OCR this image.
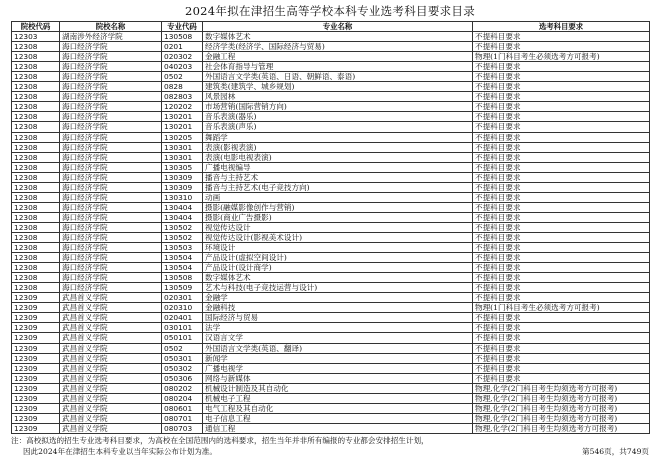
2024年拟在津招生高等学校本科专业选考科目要求目录
院校代码	院校名称	专业代码	专业名称	选考科目要求
12303	湖南涉外经济学院	130508	数字媒体艺术	不提科目要求
12308	海口经济学院	0201	经济学类(经济学、国际经济与贸易)	不提科目要求
12308	海口经济学院	020302	金融工程	物理(1门科目考生必须选考方可报考)
12308	海口经济学院	040203	社会体育指导与管理	不提科目要求
12308	海口经济学院	0502	外国语言文学类(英语、日语、朝鲜语、泰语)	不提科目要求
12308	海口经济学院	0828	建筑类(建筑学、城乡规划)	不提科目要求
12308	海口经济学院	082803	风景园林	不提科目要求
12308	海口经济学院	120202	市场营销(国际营销方向)	不提科目要求
12308	海口经济学院	130201	音乐表演(器乐)	不提科目要求
12308	海口经济学院	130201	音乐表演(声乐)	不提科目要求
12308	海口经济学院	130205	舞蹈学	不提科目要求
12308	海口经济学院	130301	表演(影视表演)	不提科目要求
12308	海口经济学院	130301	表演(电影电视表演)	不提科目要求
12308	海口经济学院	130305	广播电视编导	不提科目要求
12308	海口经济学院	130309	播音与主持艺术	不提科目要求
12308	海口经济学院	130309	播音与主持艺术(电子竞技方向)	不提科目要求
12308	海口经济学院	130310	动画	不提科目要求
12308	海口经济学院	130404	摄影(融媒影像创作与营销)	不提科目要求
12308	海口经济学院	130404	摄影(商业广告摄影)	不提科目要求
12308	海口经济学院	130502	视觉传达设计	不提科目要求
12308	海口经济学院	130502	视觉传达设计(影视美术设计)	不提科目要求
12308	海口经济学院	130503	环境设计	不提科目要求
12308	海口经济学院	130504	产品设计(虚拟空间设计)	不提科目要求
12308	海口经济学院	130504	产品设计(设计商学)	不提科目要求
12308	海口经济学院	130508	数字媒体艺术	不提科目要求
12308	海口经济学院	130509	艺术与科技(电子竞技运营与设计)	不提科目要求
12309	武昌首义学院	020301	金融学	不提科目要求
12309	武昌首义学院	020310	金融科技	物理(1门科目考生必须选考方可报考)
12309	武昌首义学院	020401	国际经济与贸易	不提科目要求
12309	武昌首义学院	030101	法学	不提科目要求
12309	武昌首义学院	050101	汉语言文学	不提科目要求
12309	武昌首义学院	0502	外国语言文学类(英语、翻译)	不提科目要求
12309	武昌首义学院	050301	新闻学	不提科目要求
12309	武昌首义学院	050302	广播电视学	不提科目要求
12309	武昌首义学院	050306	网络与新媒体	不提科目要求
12309	武昌首义学院	080202	机械设计制造及其自动化	物理,化学(2门科目考生均须选考方可报考)
12309	武昌首义学院	080204	机械电子工程	物理,化学(2门科目考生均须选考方可报考)
12309	武昌首义学院	080601	电气工程及其自动化	物理,化学(2门科目考生均须选考方可报考)
12309	武昌首义学院	080701	电子信息工程	物理,化学(2门科目考生均须选考方可报考)
12309	武昌首义学院	080703	通信工程	物理,化学(2门科目考生均须选考方可报考)
注：高校拟选的招生专业选考科目要求，为高校在全国范围内的选科要求，招生当年并非所有编报的专业都会安排招生计划，
因此2024年在津招生本科专业以当年实际公布计划为准。	第546页，共749页
